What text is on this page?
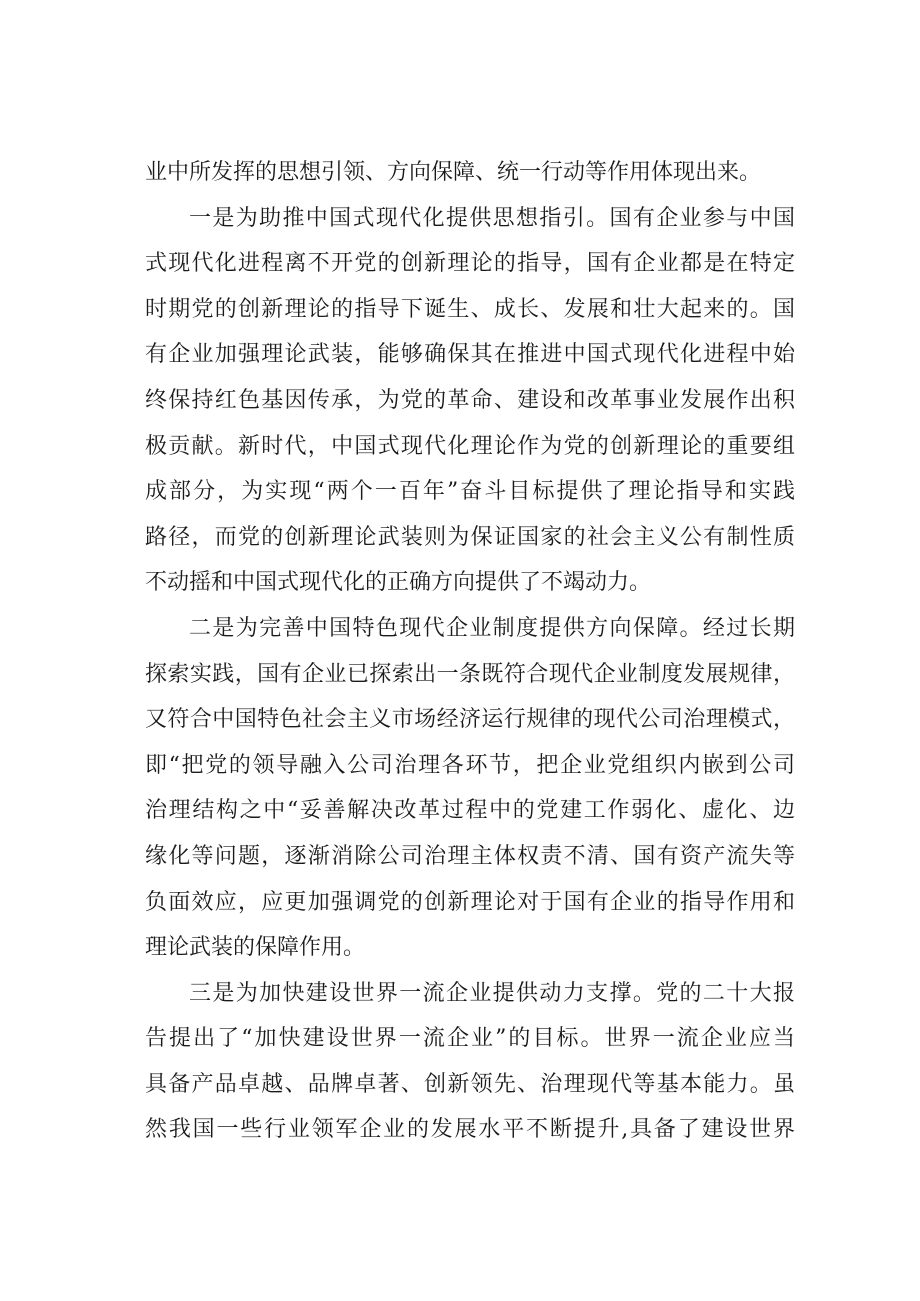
业中所发挥的思想引领、方向保障、统一行动等作用体现出来。
一是为助推中国式现代化提供思想指引。国有企业参与中国
式现代化进程离不开党的创新理论的指导，国有企业都是在特定
时期党的创新理论的指导下诞生、成长、发展和壮大起来的。国
有企业加强理论武装，能够确保其在推进中国式现代化进程中始
终保持红色基因传承，为党的革命、建设和改革事业发展作出积
极贡献。新时代，中国式现代化理论作为党的创新理论的重要组
成部分，为实现“两个一百年”奋斗目标提供了理论指导和实践
路径，而党的创新理论武装则为保证国家的社会主义公有制性质
不动摇和中国式现代化的正确方向提供了不竭动力。
二是为完善中国特色现代企业制度提供方向保障。经过长期
探索实践，国有企业已探索出一条既符合现代企业制度发展规律，
又符合中国特色社会主义市场经济运行规律的现代公司治理模式，
即“把党的领导融入公司治理各环节，把企业党组织内嵌到公司
治理结构之中“妥善解决改革过程中的党建工作弱化、虚化、边
缘化等问题，逐渐消除公司治理主体权责不清、国有资产流失等
负面效应，应更加强调党的创新理论对于国有企业的指导作用和
理论武装的保障作用。
三是为加快建设世界一流企业提供动力支撑。党的二十大报
告提出了“加快建设世界一流企业”的目标。世界一流企业应当
具备产品卓越、品牌卓著、创新领先、治理现代等基本能力。虽
然我国一些行业领军企业的发展水平不断提升,具备了建设世界
